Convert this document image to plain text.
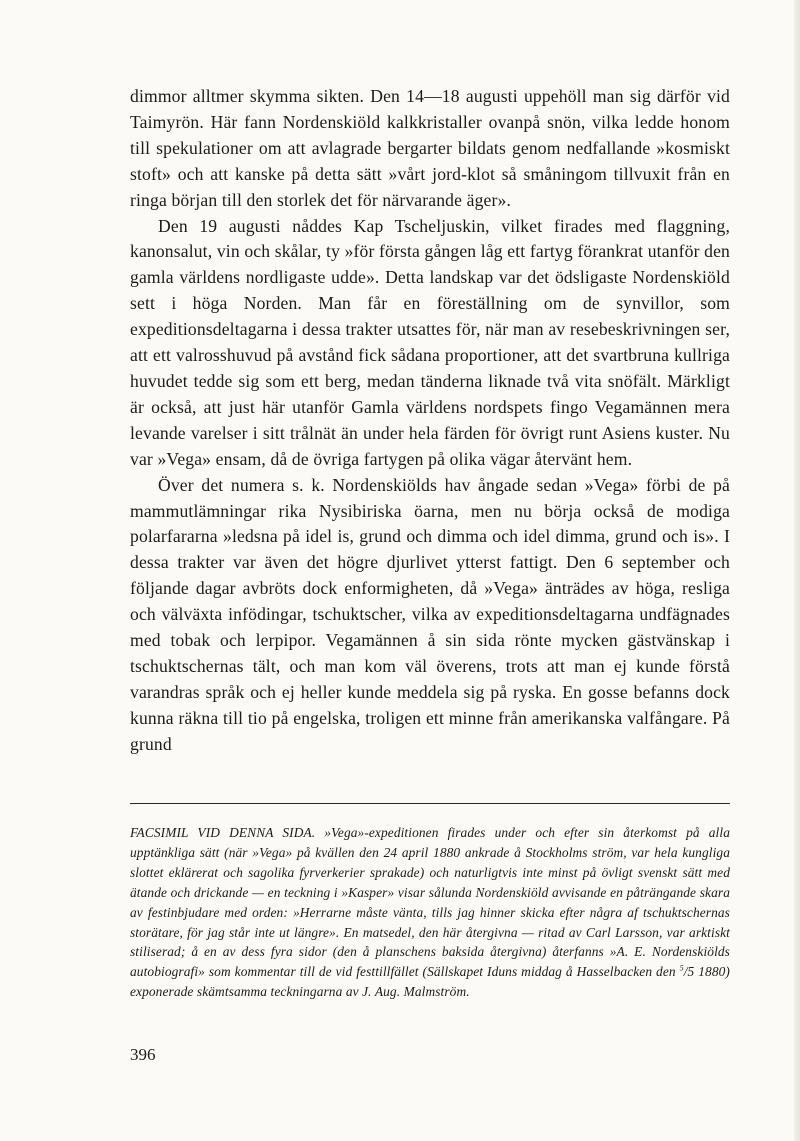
dimmor alltmer skymma sikten. Den 14—18 augusti uppehöll man sig därför vid Taimyrön. Här fann Nordenskiöld kalkkristaller ovanpå snön, vilka ledde honom till spekulationer om att avlagrade bergarter bildats genom nedfallande »kosmiskt stoft» och att kanske på detta sätt »vårt jord-klot så småningom tillvuxit från en ringa början till den storlek det för närvarande äger».

Den 19 augusti nåddes Kap Tscheljuskin, vilket firades med flaggning, kanonsalut, vin och skålar, ty »för första gången låg ett fartyg förankrat utanför den gamla världens nordligaste udde». Detta landskap var det ödsligaste Nordenskiöld sett i höga Norden. Man får en föreställning om de synvillor, som expeditionsdeltagarna i dessa trakter utsattes för, när man av resebeskrivningen ser, att ett valrosshuvud på avstånd fick sådana proportioner, att det svartbruna kullriga huvudet tedde sig som ett berg, medan tänderna liknade två vita snöfält. Märkligt är också, att just här utanför Gamla världens nordspets fingo Vegamännen mera levande varelser i sitt trålnät än under hela färden för övrigt runt Asiens kuster. Nu var »Vega» ensam, då de övriga fartygen på olika vägar återvänt hem.

Över det numera s. k. Nordenskiölds hav ångade sedan »Vega» förbi de på mammutlämningar rika Nysibiriska öarna, men nu börja också de modiga polarfararna »ledsna på idel is, grund och dimma och idel dimma, grund och is». I dessa trakter var även det högre djurlivet ytterst fattigt. Den 6 september och följande dagar avbröts dock enformigheten, då »Vega» änträdes av höga, resliga och välväxta infödingar, tschuktscher, vilka av expeditionsdeltagarna undfägnades med tobak och lerpipor. Vegamännen å sin sida rönte mycken gästvänskap i tschuktschernas tält, och man kom väl överens, trots att man ej kunde förstå varandras språk och ej heller kunde meddela sig på ryska. En gosse befanns dock kunna räkna till tio på engelska, troligen ett minne från amerikanska valfångare. På grund

FACSIMIL VID DENNA SIDA. »Vega»-expeditionen firades under och efter sin återkomst på alla upptänkliga sätt (när »Vega» på kvällen den 24 april 1880 ankrade å Stockholms ström, var hela kungliga slottet eklärerat och sagolika fyrverkerier sprakade) och naturligtvis inte minst på övligt svenskt sätt med ätande och drickande — en teckning i »Kasper» visar sålunda Nordenskiöld avvisande en påträngande skara av festinbjudare med orden: »Herrarne måste vänta, tills jag hinner skicka efter några af tschuktschernas storätare, för jag står inte ut längre». En matsedel, den här återgivna — ritad av Carl Larsson, var arktiskt stiliserad; å en av dess fyra sidor (den å planschens baksida återgivna) återfanns »A. E. Nordenskiölds autobiografi» som kommentar till de vid festtillfället (Sällskapet Iduns middag å Hasselbacken den $^5$/5 1880) exponerade skämtsamma teckningarna av J. Aug. Malmström.
396
